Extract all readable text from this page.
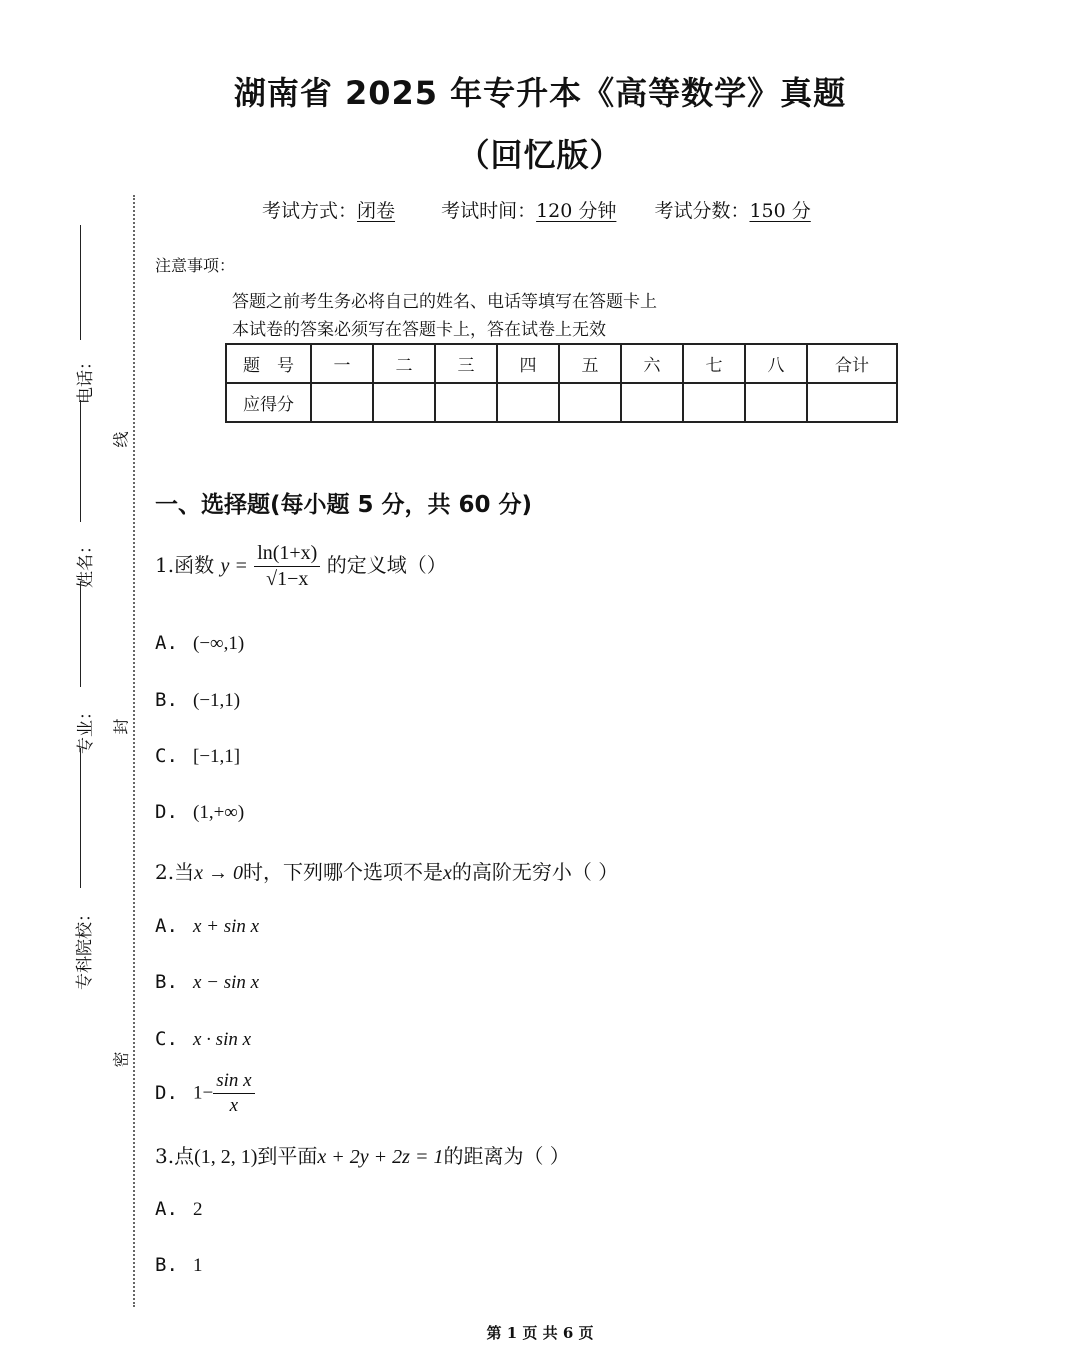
湖南省 2025 年专升本《高等数学》真题
（回忆版）
考试方式：闭卷 考试时间：120 分钟 考试分数：150 分
注意事项：
答题之前考生务必将自己的姓名、电话等填写在答题卡上
本试卷的答案必须写在答题卡上，答在试卷上无效
题　号	一	二	三	四	五	六	七	八	合计
应得分									
电话：
姓名：
专业：
专科院校：
线
封
密
一、选择题(每小题 5 分，共 60 分)
1.函数 $y = \frac{\ln(1+x)}{√1-x}$ 的定义域（）
A. (−∞,1)
B. (−1,1)
C. [−1,1]
D. (1,+∞)
2.当x → 0时，下列哪个选项不是x的高阶无穷小（ ）
A. x + sin x
B. x − sin x
C. x · sin x
D. $1- \frac{\text{sin x}}{x}$
3.点(1, 2, 1)到平面x + 2y + 2z = 1的距离为（ ）
A. 2
B. 1
第 1 页 共 6 页
